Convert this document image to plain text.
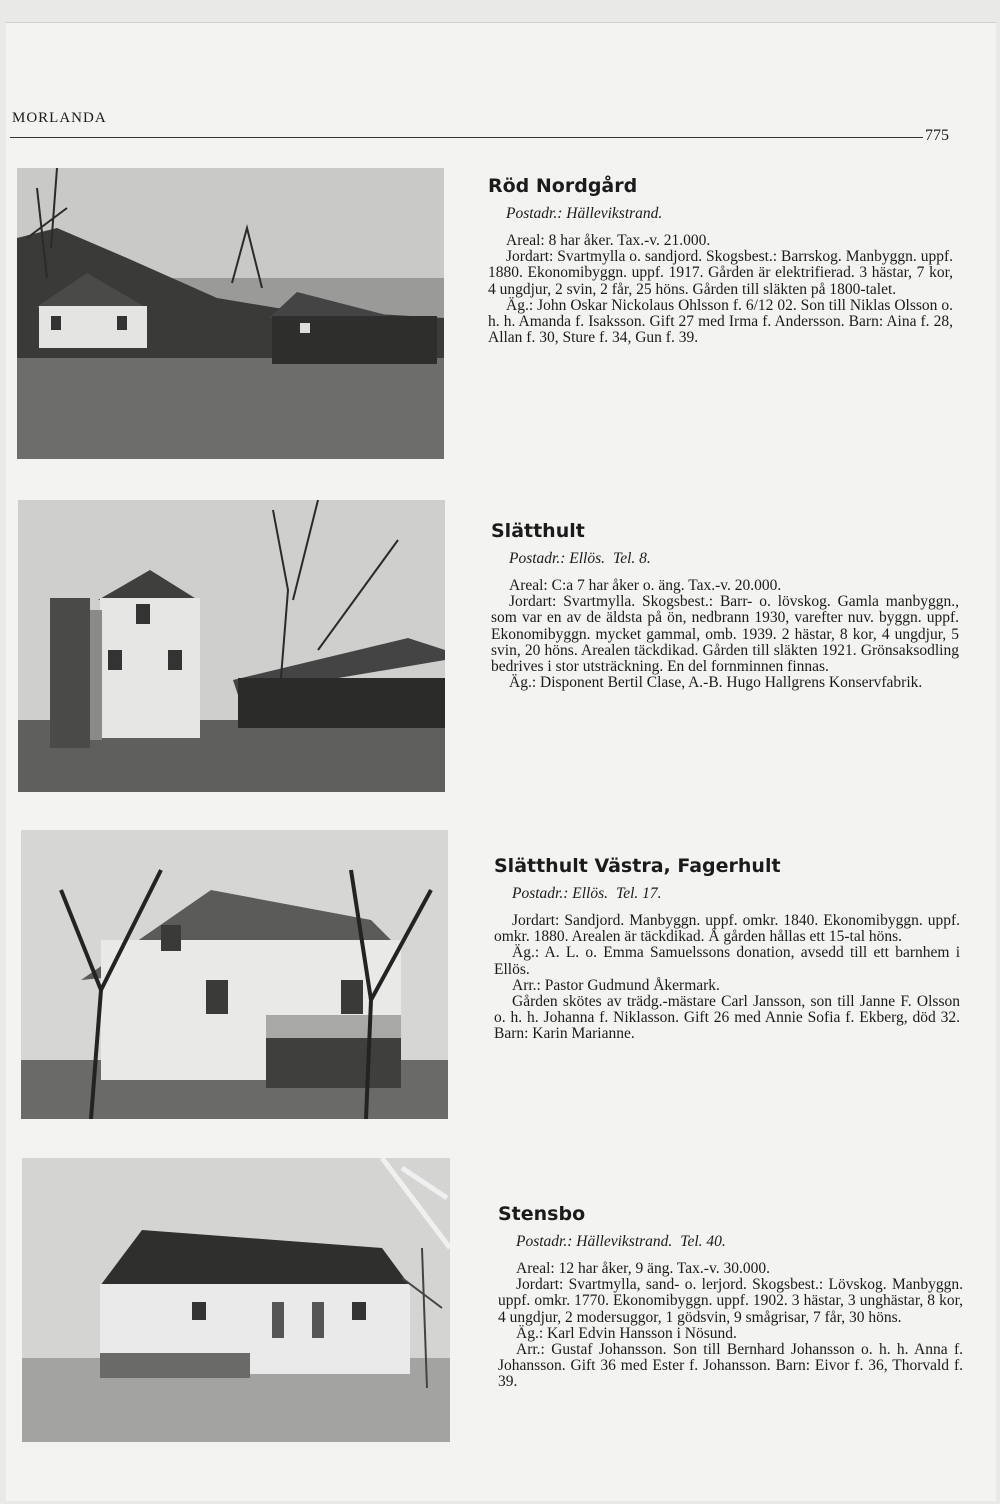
MORLANDA
775
Röd Nordgård
Postadr.: Hällevikstrand.

Areal: 8 har åker. Tax.-v. 21.000.

Jordart: Svartmylla o. sandjord. Skogsbest.: Barrskog. Manbyggn. uppf. 1880. Ekonomibyggn. uppf. 1917. Gården är elektrifierad. 3 hästar, 7 kor, 4 ungdjur, 2 svin, 2 får, 25 höns. Gården till släkten på 1800-talet.

Äg.: John Oskar Nickolaus Ohlsson f. 6/12 02. Son till Niklas Olsson o. h. h. Amanda f. Isaksson. Gift 27 med Irma f. Andersson. Barn: Aina f. 28, Allan f. 30, Sture f. 34, Gun f. 39.

Slätthult
Postadr.: Ellös. Tel. 8.

Areal: C:a 7 har åker o. äng. Tax.-v. 20.000.

Jordart: Svartmylla. Skogsbest.: Barr- o. lövskog. Gamla manbyggn., som var en av de äldsta på ön, nedbrann 1930, varefter nuv. byggn. uppf. Ekonomibyggn. mycket gammal, omb. 1939. 2 hästar, 8 kor, 4 ungdjur, 5 svin, 20 höns. Arealen täckdikad. Gården till släkten 1921. Grönsaksodling bedrives i stor utsträckning. En del fornminnen finnas.

Äg.: Disponent Bertil Clase, A.-B. Hugo Hallgrens Konservfabrik.

Slätthult Västra, Fagerhult
Postadr.: Ellös. Tel. 17.

Jordart: Sandjord. Manbyggn. uppf. omkr. 1840. Ekonomibyggn. uppf. omkr. 1880. Arealen är täckdikad. Å gården hållas ett 15-tal höns.

Äg.: A. L. o. Emma Samuelssons donation, avsedd till ett barnhem i Ellös.

Arr.: Pastor Gudmund Åkermark.

Gården skötes av trädg.-mästare Carl Jansson, son till Janne F. Olsson o. h. h. Johanna f. Niklasson. Gift 26 med Annie Sofia f. Ekberg, död 32. Barn: Karin Marianne.

Stensbo
Postadr.: Hällevikstrand. Tel. 40.

Areal: 12 har åker, 9 äng. Tax.-v. 30.000.

Jordart: Svartmylla, sand- o. lerjord. Skogsbest.: Lövskog. Manbyggn. uppf. omkr. 1770. Ekonomibyggn. uppf. 1902. 3 hästar, 3 unghästar, 8 kor, 4 ungdjur, 2 modersuggor, 1 gödsvin, 9 smågrisar, 7 får, 30 höns.

Äg.: Karl Edvin Hansson i Nösund.

Arr.: Gustaf Johansson. Son till Bernhard Johansson o. h. h. Anna f. Johansson. Gift 36 med Ester f. Johansson. Barn: Eivor f. 36, Thorvald f. 39.
